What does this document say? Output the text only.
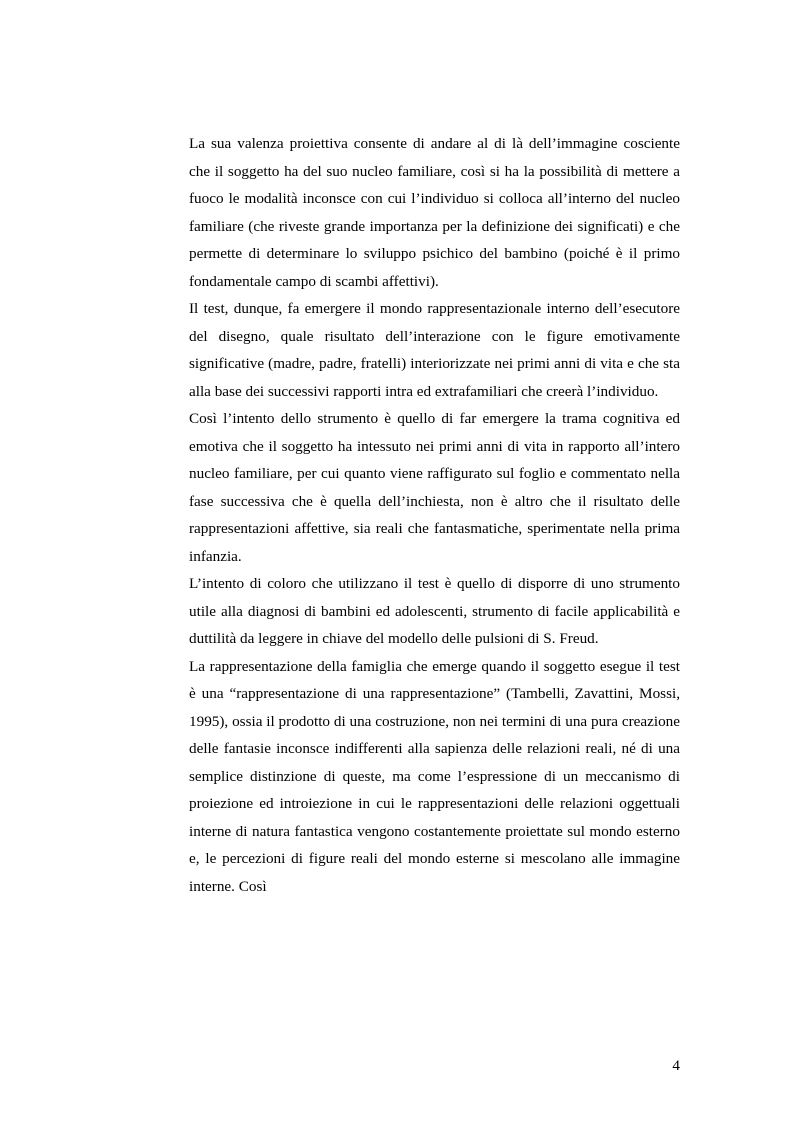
La sua valenza proiettiva consente di andare al di là dell’immagine cosciente che il soggetto ha del suo nucleo familiare, così si ha la possibilità di mettere a fuoco le modalità inconsce con cui l’individuo si colloca all’interno del nucleo familiare (che riveste grande importanza per la definizione dei significati) e che permette di determinare lo sviluppo psichico del bambino (poiché è il primo fondamentale campo di scambi affettivi).

Il test, dunque, fa emergere il mondo rappresentazionale interno dell’esecutore del disegno, quale risultato dell’interazione con le figure emotivamente significative (madre, padre, fratelli) interiorizzate nei primi anni di vita e che sta alla base dei successivi rapporti intra ed extrafamiliari che creerà l’individuo.

Così l’intento dello strumento è quello di far emergere la trama cognitiva ed emotiva che il soggetto ha intessuto nei primi anni di vita in rapporto all’intero nucleo familiare, per cui quanto viene raffigurato sul foglio e commentato nella fase successiva che è quella dell’inchiesta, non è altro che il risultato delle rappresentazioni affettive, sia reali che fantasmatiche, sperimentate nella prima infanzia.

L’intento di coloro che utilizzano il test è quello di disporre di uno strumento utile alla diagnosi di bambini ed adolescenti, strumento di facile applicabilità e duttilità da leggere in chiave del modello delle pulsioni di S. Freud.

La rappresentazione della famiglia che emerge quando il soggetto esegue il test è una “rappresentazione di una rappresentazione” (Tambelli, Zavattini, Mossi, 1995), ossia il prodotto di una costruzione, non nei termini di una pura creazione delle fantasie inconsce indifferenti alla sapienza delle relazioni reali, né di una semplice distinzione di queste, ma come l’espressione di un meccanismo di proiezione ed introiezione in cui le rappresentazioni delle relazioni oggettuali interne di natura fantastica vengono costantemente proiettate sul mondo esterno e, le percezioni di figure reali del mondo esterne si mescolano alle immagine interne. Così

4
